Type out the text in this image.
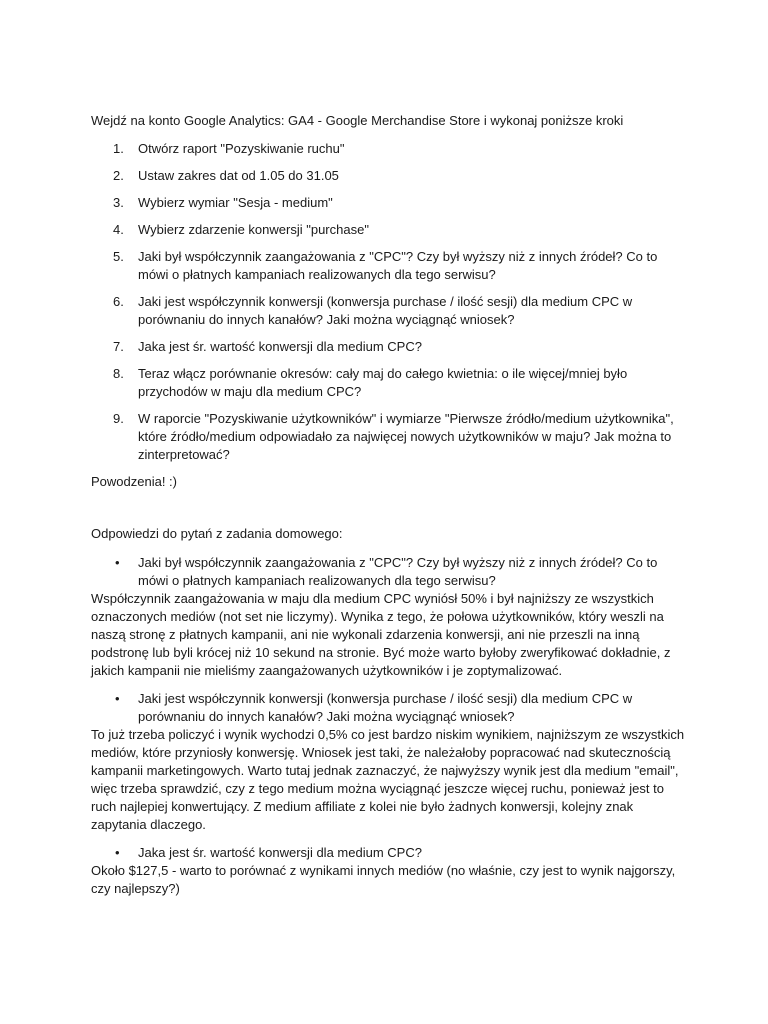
Wejdź na konto Google Analytics: GA4 - Google Merchandise Store i wykonaj poniższe kroki

1. Otwórz raport "Pozyskiwanie ruchu"
2. Ustaw zakres dat od 1.05 do 31.05
3. Wybierz wymiar "Sesja - medium"
4. Wybierz zdarzenie konwersji "purchase"
5. Jaki był współczynnik zaangażowania z "CPC"? Czy był wyższy niż z innych źródeł? Co to mówi o płatnych kampaniach realizowanych dla tego serwisu?
6. Jaki jest współczynnik konwersji (konwersja purchase / ilość sesji) dla medium CPC w porównaniu do innych kanałów? Jaki można wyciągnąć wniosek?
7. Jaka jest śr. wartość konwersji dla medium CPC?
8. Teraz włącz porównanie okresów: cały maj do całego kwietnia: o ile więcej/mniej było przychodów w maju dla medium CPC?
9. W raporcie "Pozyskiwanie użytkowników" i wymiarze "Pierwsze źródło/medium użytkownika", które źródło/medium odpowiadało za najwięcej nowych użytkowników w maju? Jak można to zinterpretować?

Powodzenia! :)

Odpowiedzi do pytań z zadania domowego:

• Jaki był współczynnik zaangażowania z "CPC"? Czy był wyższy niż z innych źródeł? Co to mówi o płatnych kampaniach realizowanych dla tego serwisu?

Współczynnik zaangażowania w maju dla medium CPC wyniósł 50% i był najniższy ze wszystkich oznaczonych mediów (not set nie liczymy). Wynika z tego, że połowa użytkowników, który weszli na naszą stronę z płatnych kampanii, ani nie wykonali zdarzenia konwersji, ani nie przeszli na inną podstronę lub byli krócej niż 10 sekund na stronie. Być może warto byłoby zweryfikować dokładnie, z jakich kampanii nie mieliśmy zaangażowanych użytkowników i je zoptymalizować.

• Jaki jest współczynnik konwersji (konwersja purchase / ilość sesji) dla medium CPC w porównaniu do innych kanałów? Jaki można wyciągnąć wniosek?

To już trzeba policzyć i wynik wychodzi 0,5% co jest bardzo niskim wynikiem, najniższym ze wszystkich mediów, które przyniosły konwersję. Wniosek jest taki, że należałoby popracować nad skutecznością kampanii marketingowych. Warto tutaj jednak zaznaczyć, że najwyższy wynik jest dla medium "email", więc trzeba sprawdzić, czy z tego medium można wyciągnąć jeszcze więcej ruchu, ponieważ jest to ruch najlepiej konwertujący. Z medium affiliate z kolei nie było żadnych konwersji, kolejny znak zapytania dlaczego.

• Jaka jest śr. wartość konwersji dla medium CPC?

Około $127,5 - warto to porównać z wynikami innych mediów (no właśnie, czy jest to wynik najgorszy, czy najlepszy?)
